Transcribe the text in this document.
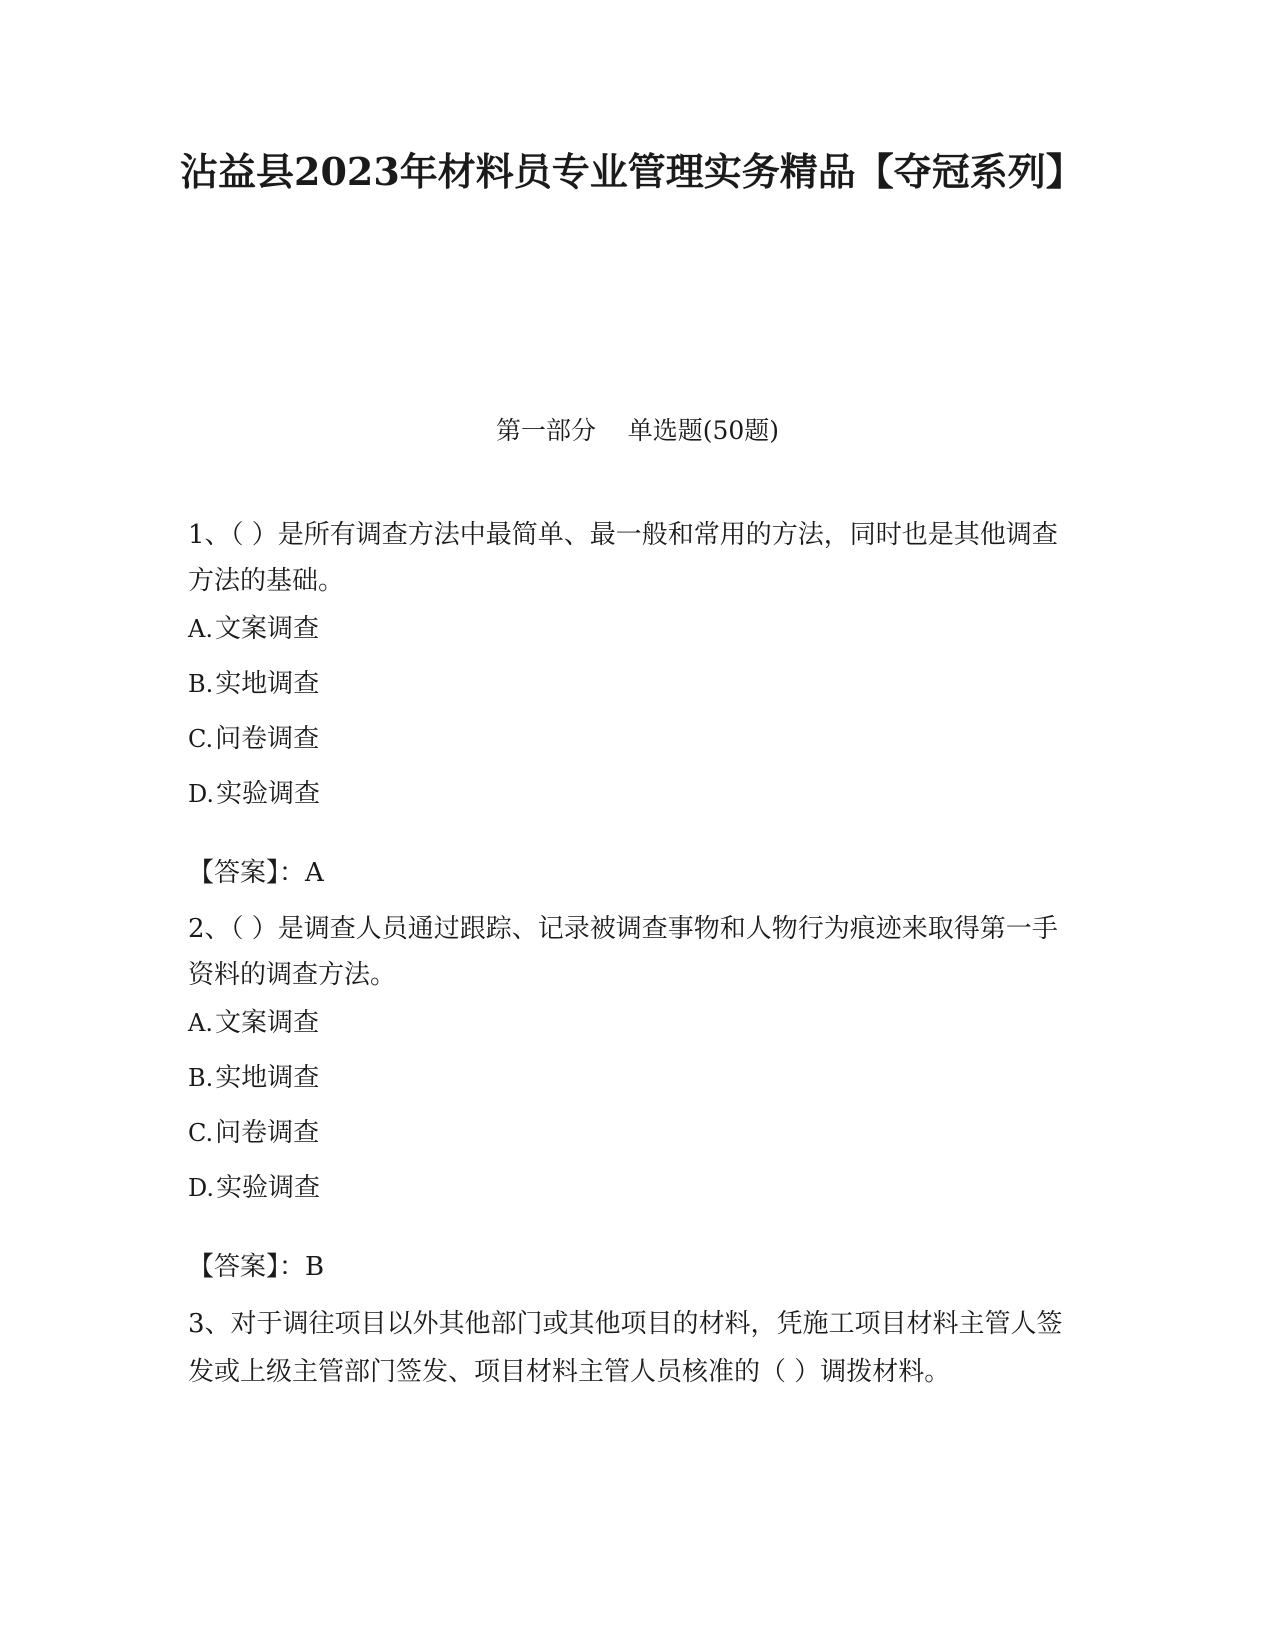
沾益县2023年材料员专业管理实务精品【夺冠系列】
第一部分    单选题(50题)

1、（ ）是所有调查方法中最简单、最一般和常用的方法，同时也是其他调查方法的基础。

A. 文案调查
B. 实地调查
C. 问卷调查
D. 实验调查
【答案】： A

2、（ ）是调查人员通过跟踪、记录被调查事物和人物行为痕迹来取得第一手资料的调查方法。

A. 文案调查
B. 实地调查
C. 问卷调查
D. 实验调查
【答案】： B

3、对于调往项目以外其他部门或其他项目的材料，凭施工项目材料主管人签发或上级主管部门签发、项目材料主管人员核准的（ ）调拨材料。
